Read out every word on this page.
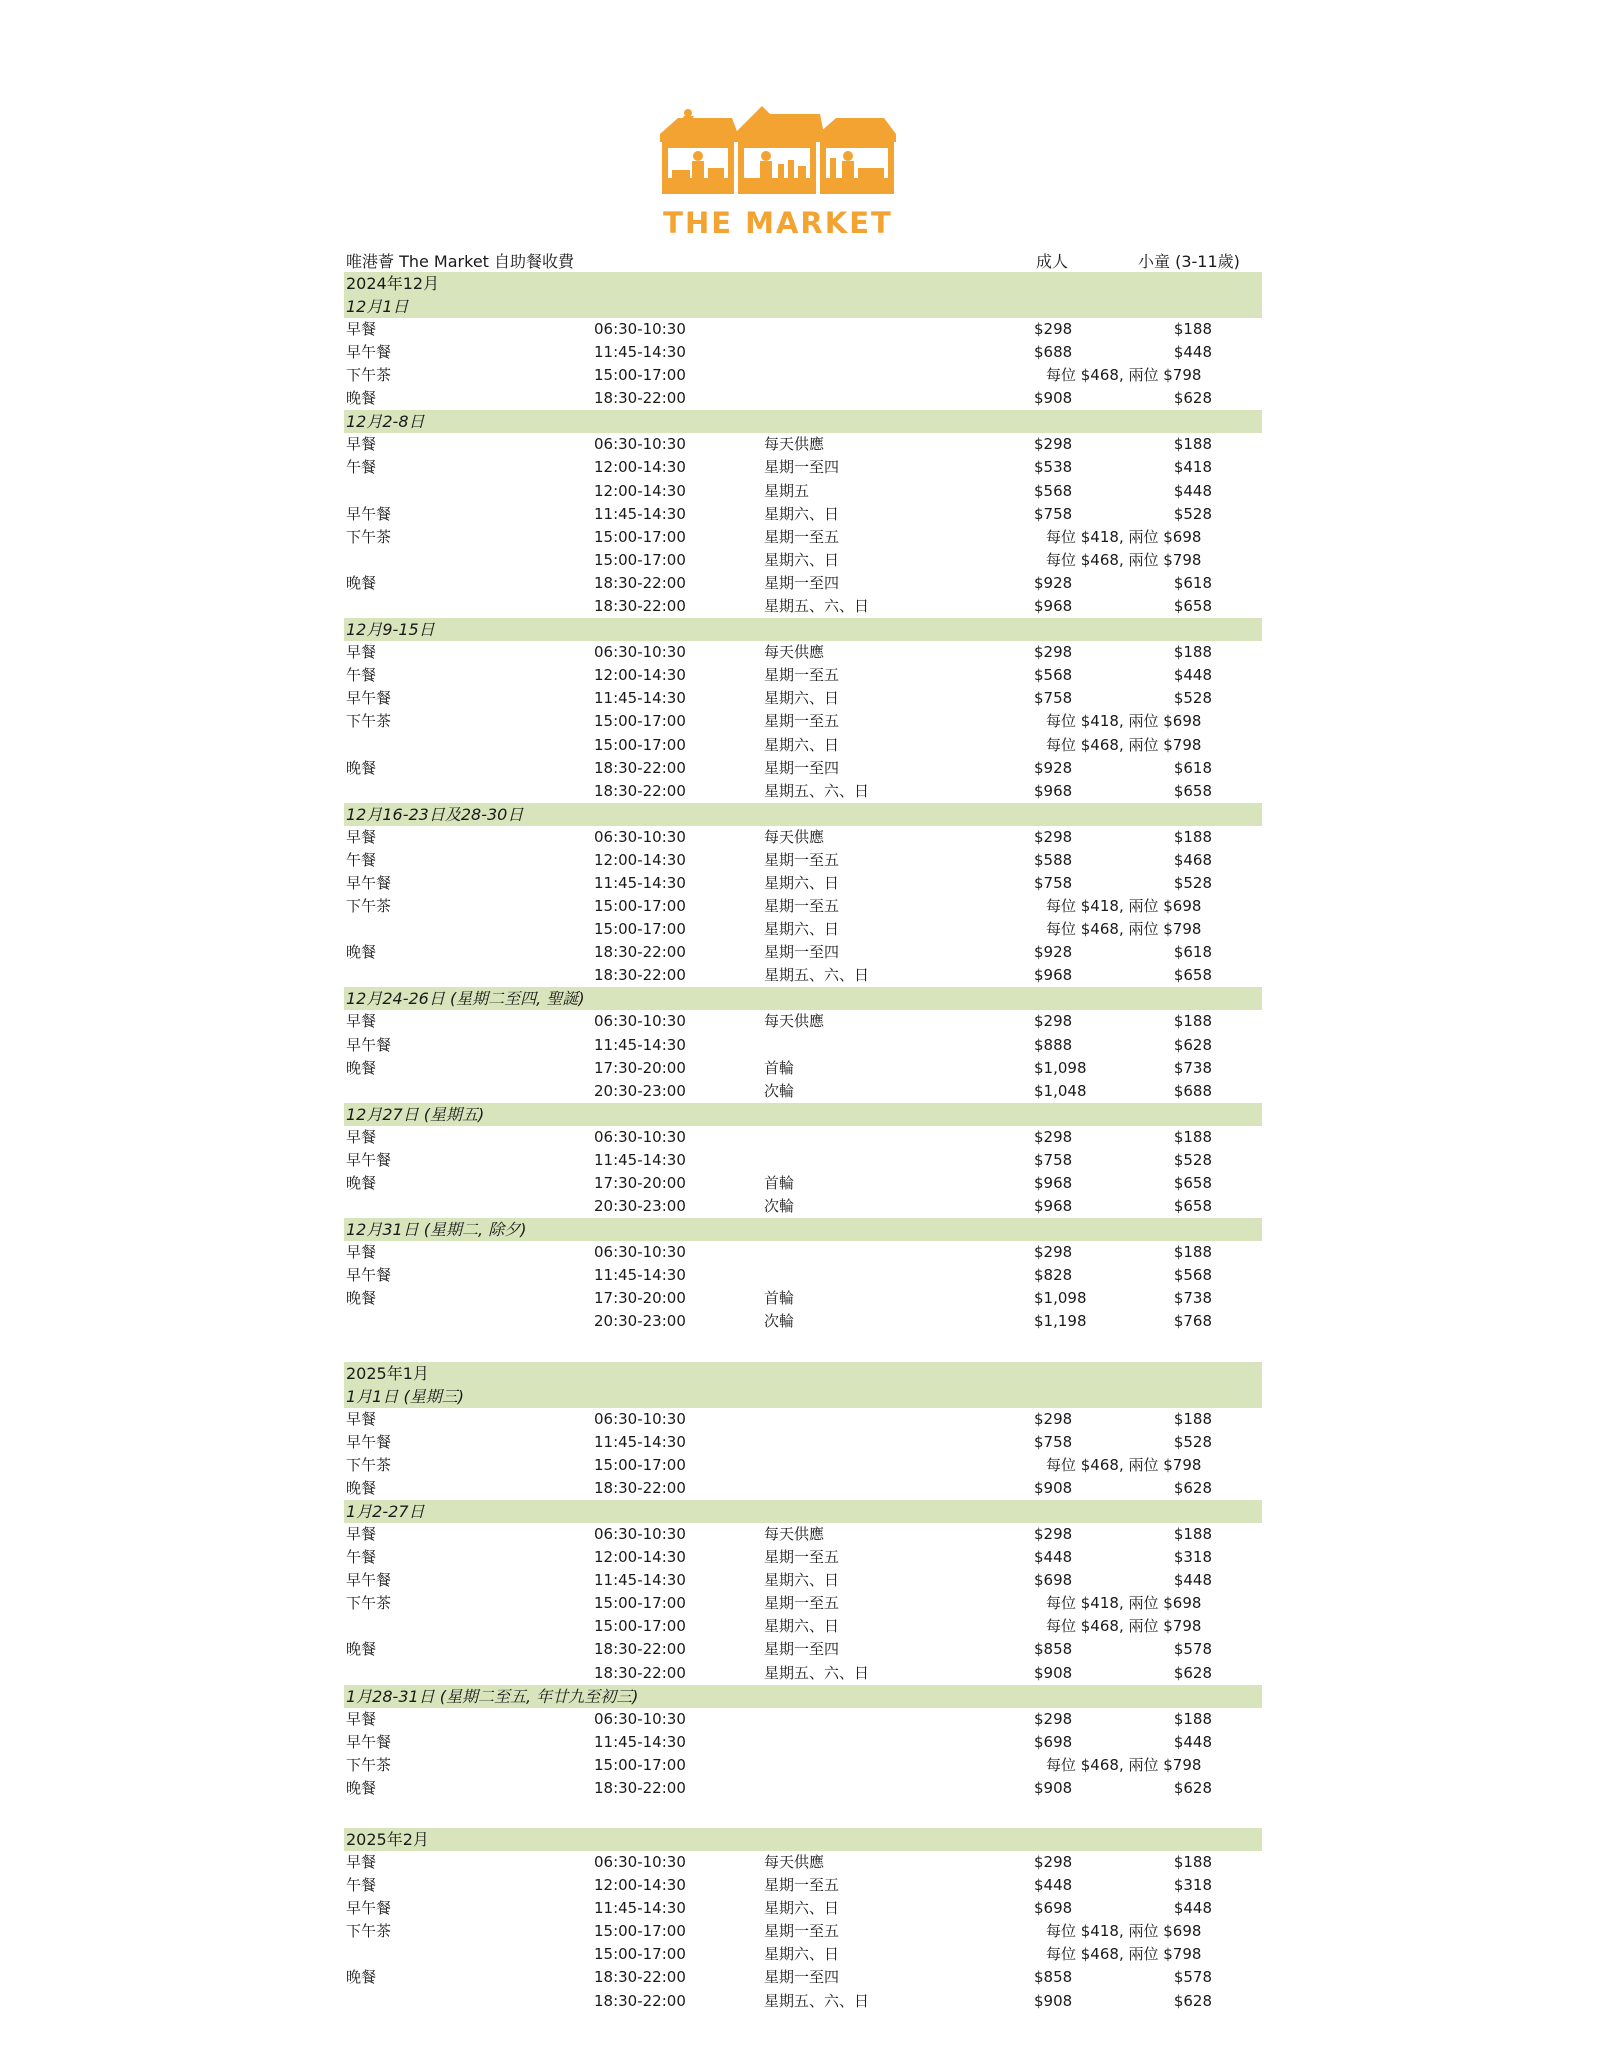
THE MARKET
唯港薈 The Market 自助餐收費	成人	小童 (3-11歲)
2024年12月
12月1日
早餐	06:30-10:30	$298	$188
早午餐	11:45-14:30	$688	$448
下午茶	15:00-17:00	每位 $468, 兩位 $798
晚餐	18:30-22:00	$908	$628
12月2-8日
早餐	06:30-10:30	每天供應	$298	$188
午餐	12:00-14:30	星期一至四	$538	$418
12:00-14:30	星期五	$568	$448
早午餐	11:45-14:30	星期六、日	$758	$528
下午茶	15:00-17:00	星期一至五	每位 $418, 兩位 $698
15:00-17:00	星期六、日	每位 $468, 兩位 $798
晚餐	18:30-22:00	星期一至四	$928	$618
18:30-22:00	星期五、六、日	$968	$658
12月9-15日
早餐	06:30-10:30	每天供應	$298	$188
午餐	12:00-14:30	星期一至五	$568	$448
早午餐	11:45-14:30	星期六、日	$758	$528
下午茶	15:00-17:00	星期一至五	每位 $418, 兩位 $698
15:00-17:00	星期六、日	每位 $468, 兩位 $798
晚餐	18:30-22:00	星期一至四	$928	$618
18:30-22:00	星期五、六、日	$968	$658
12月16-23日及28-30日
早餐	06:30-10:30	每天供應	$298	$188
午餐	12:00-14:30	星期一至五	$588	$468
早午餐	11:45-14:30	星期六、日	$758	$528
下午茶	15:00-17:00	星期一至五	每位 $418, 兩位 $698
15:00-17:00	星期六、日	每位 $468, 兩位 $798
晚餐	18:30-22:00	星期一至四	$928	$618
18:30-22:00	星期五、六、日	$968	$658
12月24-26日 (星期二至四, 聖誕)
早餐	06:30-10:30	每天供應	$298	$188
早午餐	11:45-14:30	$888	$628
晚餐	17:30-20:00	首輪	$1,098	$738
20:30-23:00	次輪	$1,048	$688
12月27日 (星期五)
早餐	06:30-10:30	$298	$188
早午餐	11:45-14:30	$758	$528
晚餐	17:30-20:00	首輪	$968	$658
20:30-23:00	次輪	$968	$658
12月31日 (星期二, 除夕)
早餐	06:30-10:30	$298	$188
早午餐	11:45-14:30	$828	$568
晚餐	17:30-20:00	首輪	$1,098	$738
20:30-23:00	次輪	$1,198	$768
2025年1月
1月1日 (星期三)
早餐	06:30-10:30	$298	$188
早午餐	11:45-14:30	$758	$528
下午茶	15:00-17:00	每位 $468, 兩位 $798
晚餐	18:30-22:00	$908	$628
1月2-27日
早餐	06:30-10:30	每天供應	$298	$188
午餐	12:00-14:30	星期一至五	$448	$318
早午餐	11:45-14:30	星期六、日	$698	$448
下午茶	15:00-17:00	星期一至五	每位 $418, 兩位 $698
15:00-17:00	星期六、日	每位 $468, 兩位 $798
晚餐	18:30-22:00	星期一至四	$858	$578
18:30-22:00	星期五、六、日	$908	$628
1月28-31日 (星期二至五, 年廿九至初三)
早餐	06:30-10:30	$298	$188
早午餐	11:45-14:30	$698	$448
下午茶	15:00-17:00	每位 $468, 兩位 $798
晚餐	18:30-22:00	$908	$628
2025年2月
早餐	06:30-10:30	每天供應	$298	$188
午餐	12:00-14:30	星期一至五	$448	$318
早午餐	11:45-14:30	星期六、日	$698	$448
下午茶	15:00-17:00	星期一至五	每位 $418, 兩位 $698
15:00-17:00	星期六、日	每位 $468, 兩位 $798
晚餐	18:30-22:00	星期一至四	$858	$578
18:30-22:00	星期五、六、日	$908	$628
